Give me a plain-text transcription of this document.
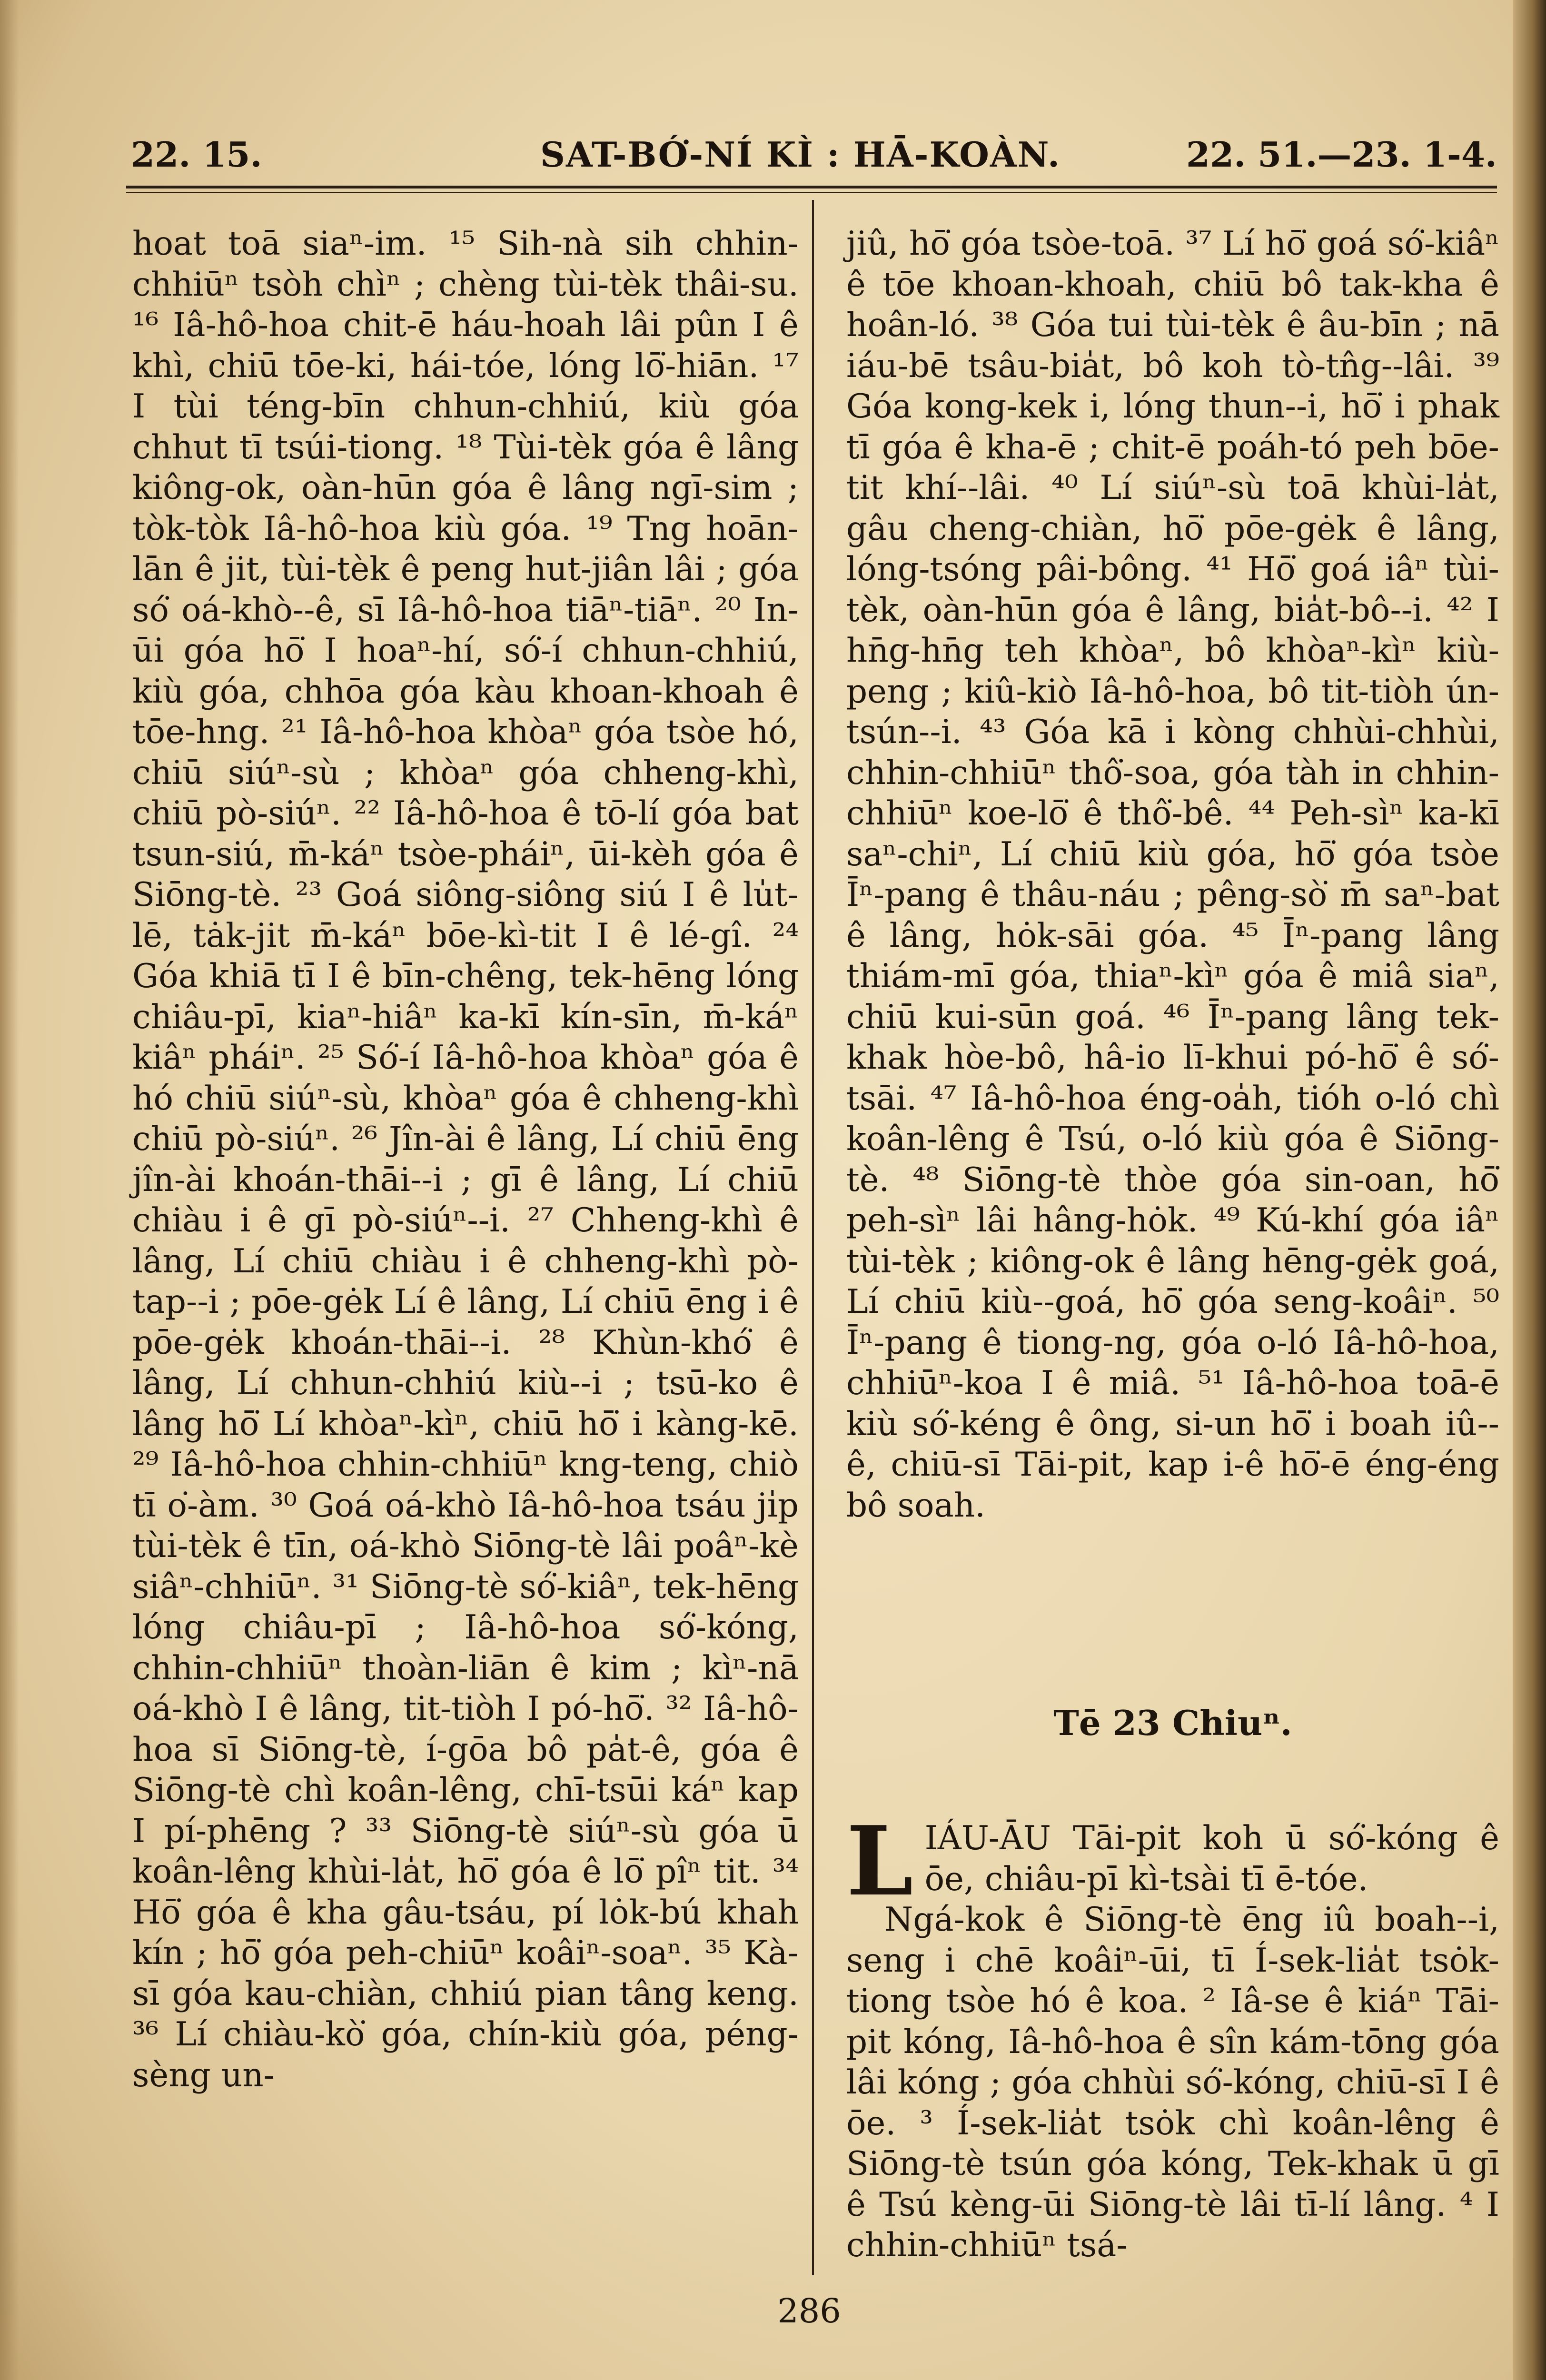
22. 15.	SAT-BÓ͘-NÍ KÌ : HĀ-KOÀN.	22. 51.—23. 1-4.

hoat toā siaⁿ-im. ¹⁵ Sih-nà sih chhin-chhiūⁿ tsòh chìⁿ ; chèng tùi-tèk thâi-su. ¹⁶ Iâ-hô-hoa chit-ē háu-hoah lâi pûn I ê khì, chiū tōe-ki, hái-tóe, lóng lō͘-hiān. ¹⁷ I tùi téng-bīn chhun-chhiú, kiù góa chhut tī tsúi-tiong. ¹⁸ Tùi-tèk góa ê lâng kiông-ok, oàn-hūn góa ê lâng ngī-sim ; tòk-tòk Iâ-hô-hoa kiù góa. ¹⁹ Tng hoān-lān ê jit, tùi-tèk ê peng hut-jiân lâi ; góa só͘ oá-khò--ê, sī Iâ-hô-hoa tiāⁿ-tiāⁿ. ²⁰ In-ūi góa hō͘ I hoaⁿ-hí, só͘-í chhun-chhiú, kiù góa, chhōa góa kàu khoan-khoah ê tōe-hng. ²¹ Iâ-hô-hoa khòaⁿ góa tsòe hó, chiū siúⁿ-sù ; khòaⁿ góa chheng-khì, chiū pò-siúⁿ. ²² Iâ-hô-hoa ê tō-lí góa bat tsun-siú, m̄-káⁿ tsòe-pháiⁿ, ūi-kèh góa ê Siōng-tè. ²³ Goá siông-siông siú I ê lu̍t-lē, tȧk-jit m̄-káⁿ bōe-kì-tit I ê lé-gî. ²⁴ Góa khiā tī I ê bīn-chêng, tek-hēng lóng chiâu-pī, kiaⁿ-hiâⁿ ka-kī kín-sīn, m̄-káⁿ kiâⁿ pháiⁿ. ²⁵ Só͘-í Iâ-hô-hoa khòaⁿ góa ê hó chiū siúⁿ-sù, khòaⁿ góa ê chheng-khì chiū pò-siúⁿ. ²⁶ Jîn-ài ê lâng, Lí chiū ēng jîn-ài khoán-thāi--i ; gī ê lâng, Lí chiū chiàu i ê gī pò-siúⁿ--i. ²⁷ Chheng-khì ê lâng, Lí chiū chiàu i ê chheng-khì pò-tap--i ; pōe-gėk Lí ê lâng, Lí chiū ēng i ê pōe-gėk khoán-thāi--i. ²⁸ Khùn-khó͘ ê lâng, Lí chhun-chhiú kiù--i ; tsū-ko ê lâng hō͘ Lí khòaⁿ-kìⁿ, chiū hō͘ i kàng-kē. ²⁹ Iâ-hô-hoa chhin-chhiūⁿ kng-teng, chiò tī o͘-àm. ³⁰ Goá oá-khò Iâ-hô-hoa tsáu ji̍p tùi-tèk ê tīn, oá-khò Siōng-tè lâi poâⁿ-kè siâⁿ-chhiūⁿ. ³¹ Siōng-tè só͘-kiâⁿ, tek-hēng lóng chiâu-pī ; Iâ-hô-hoa só͘-kóng, chhin-chhiūⁿ thoàn-liān ê kim ; kìⁿ-nā oá-khò I ê lâng, tit-tiòh I pó-hō͘. ³² Iâ-hô-hoa sī Siōng-tè, í-gōa bô pa̍t-ê, góa ê Siōng-tè chì koân-lêng, chī-tsūi káⁿ kap I pí-phēng ? ³³ Siōng-tè siúⁿ-sù góa ū koân-lêng khùi-la̍t, hō͘ góa ê lō͘ pîⁿ tit. ³⁴ Hō͘ góa ê kha gâu-tsáu, pí lȯk-bú khah kín ; hō͘ góa peh-chiūⁿ koâiⁿ-soaⁿ. ³⁵ Kà-sī góa kau-chiàn, chhiú pian tâng keng. ³⁶ Lí chiàu-kò͘ góa, chín-kiù góa, péng-sèng un-

jiû, hō͘ góa tsòe-toā. ³⁷ Lí hō͘ goá só͘-kiâⁿ ê tōe khoan-khoah, chiū bô tak-kha ê hoân-ló. ³⁸ Góa tui tùi-tèk ê âu-bīn ; nā iáu-bē tsâu-bia̍t, bô koh tò-tn̂g--lâi. ³⁹ Góa kong-kek i, lóng thun--i, hō͘ i phak tī góa ê kha-ē ; chit-ē poáh-tó peh bōe-tit khí--lâi. ⁴⁰ Lí siúⁿ-sù toā khùi-la̍t, gâu cheng-chiàn, hō͘ pōe-gėk ê lâng, lóng-tsóng pâi-bông. ⁴¹ Hō͘ goá iâⁿ tùi-tèk, oàn-hūn góa ê lâng, bia̍t-bô--i. ⁴² I hn̄g-hn̄g teh khòaⁿ, bô khòaⁿ-kìⁿ kiù-peng ; kiû-kiò Iâ-hô-hoa, bô tit-tiòh ún-tsún--i. ⁴³ Góa kā i kòng chhùi-chhùi, chhin-chhiūⁿ thô͘-soa, góa tàh in chhin-chhiūⁿ koe-lō͘ ê thô͘-bê. ⁴⁴ Peh-sìⁿ ka-kī saⁿ-chiⁿ, Lí chiū kiù góa, hō͘ góa tsòe Īⁿ-pang ê thâu-náu ; pêng-sò͘ m̄ saⁿ-bat ê lâng, hȯk-sāi góa. ⁴⁵ Īⁿ-pang lâng thiám-mī góa, thiaⁿ-kìⁿ góa ê miâ siaⁿ, chiū kui-sūn goá. ⁴⁶ Īⁿ-pang lâng tek-khak hòe-bô, hâ-io lī-khui pó-hō͘ ê só͘-tsāi. ⁴⁷ Iâ-hô-hoa éng-oa̍h, tióh o-ló chì koân-lêng ê Tsú, o-ló kiù góa ê Siōng-tè. ⁴⁸ Siōng-tè thòe góa sin-oan, hō͘ peh-sìⁿ lâi hâng-hȯk. ⁴⁹ Kú-khí góa iâⁿ tùi-tèk ; kiông-ok ê lâng hēng-gėk goá, Lí chiū kiù--goá, hō͘ góa seng-koâiⁿ. ⁵⁰ Īⁿ-pang ê tiong-ng, góa o-ló Iâ-hô-hoa, chhiūⁿ-koa I ê miâ. ⁵¹ Iâ-hô-hoa toā-ē kiù só͘-kéng ê ông, si-un hō͘ i boah iû--ê, chiū-sī Tāi-pit, kap i-ê hō͘-ē éng-éng bô soah.

Tē 23 Chiuⁿ.

LIÁU-ĀU Tāi-pit koh ū só͘-kóng ê ōe, chiâu-pī kì-tsài tī ē-tóe.

Ngá-kok ê Siōng-tè ēng iû boah--i, seng i chē koâiⁿ-ūi, tī Í-sek-lia̍t tsȯk-tiong tsòe hó ê koa. ² Iâ-se ê kiáⁿ Tāi-pit kóng, Iâ-hô-hoa ê sîn kám-tōng góa lâi kóng ; góa chhùi só͘-kóng, chiū-sī I ê ōe. ³ Í-sek-lia̍t tsȯk chì koân-lêng ê Siōng-tè tsún góa kóng, Tek-khak ū gī ê Tsú kèng-ūi Siōng-tè lâi tī-lí lâng. ⁴ I chhin-chhiūⁿ tsá-

286
